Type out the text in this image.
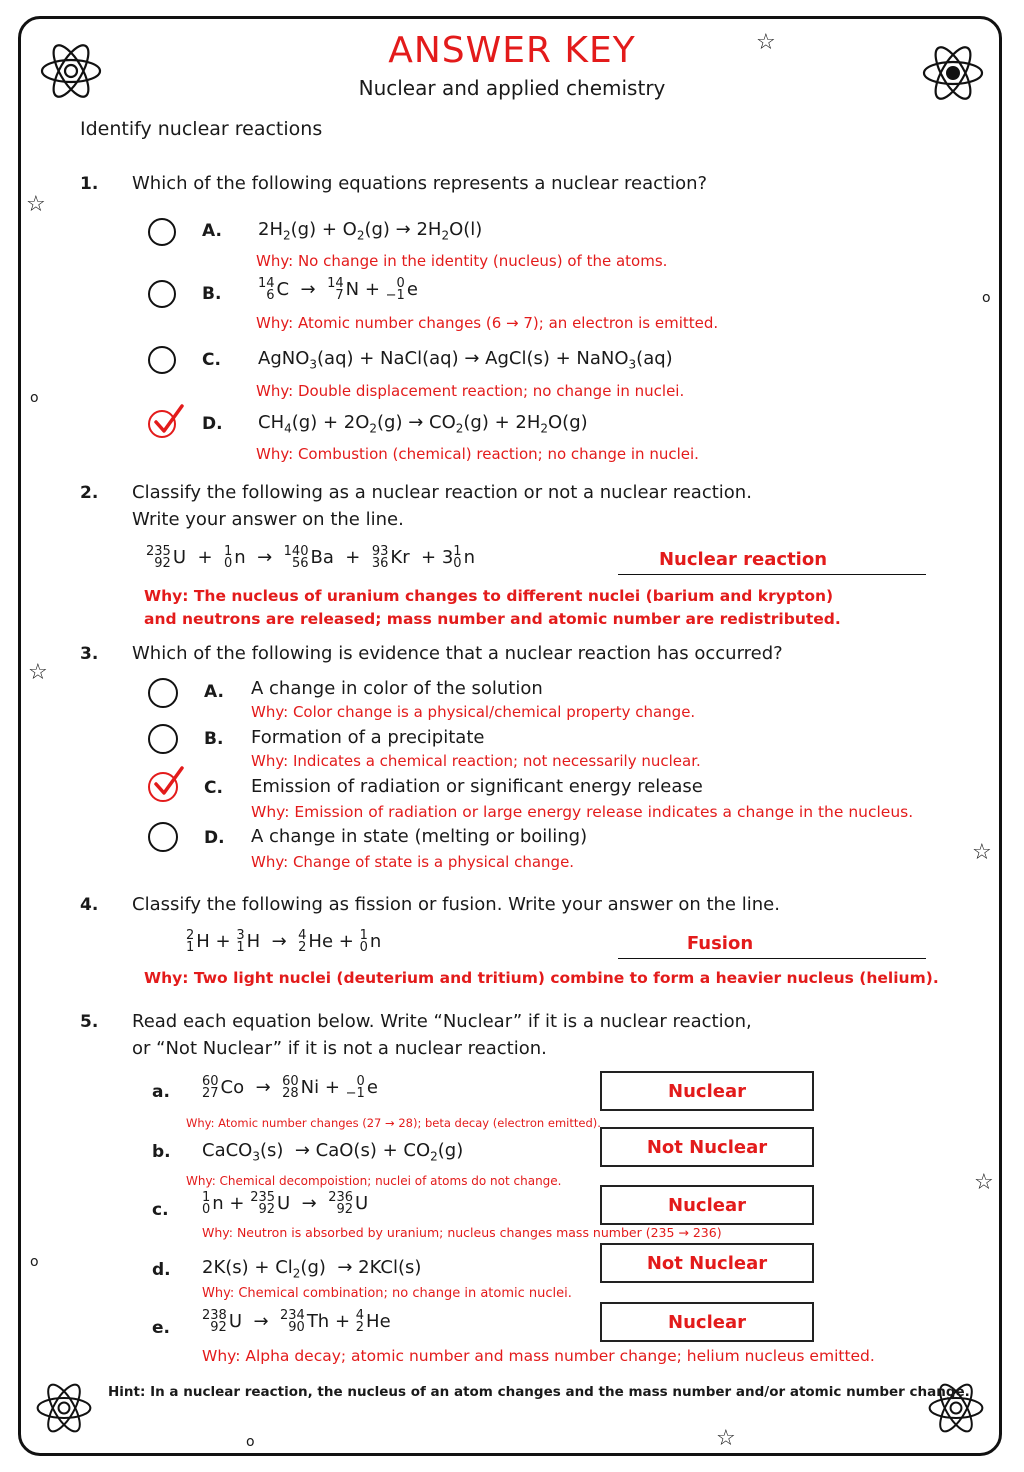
☆
☆
☆
☆
☆
☆
o
o
o
o
ANSWER KEY
Nuclear and applied chemistry
Identify nuclear reactions
1. Which of the following equations represents a nuclear reaction?
A. $2H_2(g) + O_2(g) \to 2H_2O(l)$
Why: No change in the identity (nucleus) of the atoms.
B.
14
6 C  → 14
7 N + 0
−1 e
Why: Atomic number changes (6 → 7); an electron is emitted.
C. AgNO$_3$(aq) + NaCl(aq) → AgCl(s) + NaNO$_3$(aq)
Why: Double displacement reaction; no change in nuclei.
D. $CH_4(g) + 2O_2(g) \to CO_2(g) + 2H_2O(g)$
Why: Combustion (chemical) reaction; no change in nuclei.
2. Classify the following as a nuclear reaction or not a nuclear reaction.
Write your answer on the line.
235
92 U  + 1
0 n  → 140
56 Ba  + 93
36 Kr  + 3 1
0 n	Nuclear reaction
Why: The nucleus of uranium changes to different nuclei (barium and krypton)
and neutrons are released; mass number and atomic number are redistributed.
3. Which of the following is evidence that a nuclear reaction has occurred?
A. A change in color of the solution
Why: Color change is a physical/chemical property change.
B. Formation of a precipitate
Why: Indicates a chemical reaction; not necessarily nuclear.
C. Emission of radiation or significant energy release
Why: Emission of radiation or large energy release indicates a change in the nucleus.
D. A change in state (melting or boiling)
Why: Change of state is a physical change.
4. Classify the following as fission or fusion. Write your answer on the line.
2
1 H + 3
1 H  → 4
2 He + 1
0 n	Fusion
Why: Two light nuclei (deuterium and tritium) combine to form a heavier nucleus (helium).
5. Read each equation below. Write “Nuclear” if it is a nuclear reaction,
or “Not Nuclear” if it is not a nuclear reaction.
a.
60
27 Co  → 60
28 Ni + 0
−1 e	Nuclear
Why: Atomic number changes (27 → 28); beta decay (electron emitted).
b. CaCO$_3$(s)  → $CaO(s) + CO_2(g)$	Not Nuclear
Why: Chemical decompoistion; nuclei of atoms do not change.
c.
1
0 n + 235
92 U  → 236
92 U	Nuclear
Why: Neutron is absorbed by uranium; nucleus changes mass number (235 → 236)
d. $2K(s) + Cl_2(g) \to 2KCl(s)$	Not Nuclear
Why: Chemical combination; no change in atomic nuclei.
e.
238
92 U  → 234
90 Th + 4
2 He	Nuclear
Why: Alpha decay; atomic number and mass number change; helium nucleus emitted.
Hint: In a nuclear reaction, the nucleus of an atom changes and the mass number and/or atomic number change.
